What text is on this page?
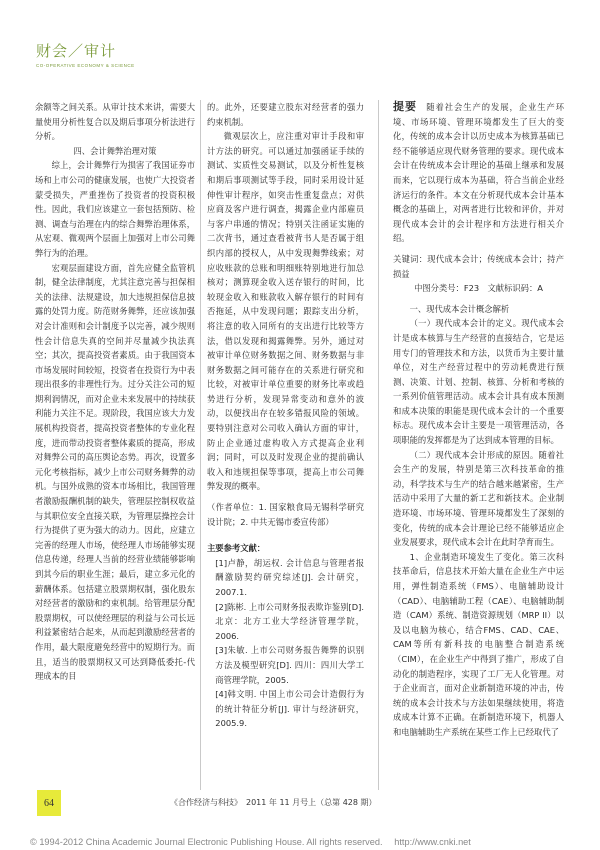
财会／审计
CO-OPERATIVE ECONOMY & SCIENCE

余额等之间关系。从审计技术来讲，需要大量使用分析性复合以及期后事项分析法进行分析。

四、会计舞弊治理对策

综上，会计舞弊行为损害了我国证券市场和上市公司的健康发展，也使广大投资者蒙受损失，严重挫伤了投资者的投资积极性。因此，我们应该建立一套包括预防、检测、调查与治理在内的综合舞弊治理体系，从宏观、微观两个层面上加强对上市公司舞弊行为的治理。

宏观层面建设方面，首先应健全监管机制，健全法律制度，尤其注意完善与担保相关的法律、法规建设，加大违规担保信息披露的处罚力度。防范财务舞弊，还应该加强对会计准则和会计制度予以完善，减少规则性会计信息失真的空间并尽量减少执法真空；其次，提高投资者素质。由于我国资本市场发展时间较短，投资者在投资行为中表现出很多的非理性行为。过分关注公司的短期利润情况，而对企业未来发展中的持续获利能力关注不足。现阶段，我国应该大力发展机构投资者，提高投资者整体的专业化程度，进而带动投资者整体素质的提高，形成对舞弊公司的高压舆论态势。再次，设置多元化考核指标，减少上市公司财务舞弊的动机。与国外成熟的资本市场相比，我国管理者激励报酬机制的缺失，管理层控制权收益与其职位安全直接关联，为管理层操控会计行为提供了更为强大的动力。因此，应建立完善的经理人市场，使经理人市场能够实现信息传递，经理人当前的经营业绩能够影响到其今后的职业生涯；最后，建立多元化的薪酬体系。包括建立股票期权制，强化股东对经营者的激励和约束机制。给管理层分配股票期权，可以使经理层的利益与公司长远利益紧密结合起来，从而起到激励经营者的作用，最大限度避免经营中的短期行为。而且，适当的股票期权又可达到降低委托-代理成本的目

的。此外，还要建立股东对经营者的强力约束机制。

微观层次上，应注重对审计手段和审计方法的研究。可以通过加强函证手续的测试、实质性交易测试，以及分析性复核和期后事项测试等手段，同时采用设计延伸性审计程序，如突击性重复盘点；对供应商及客户进行调查，揭露企业内部雇员与客户串通的情况；特别关注函证实施的二次背书，通过查看被背书人是否属于组织内部的授权人，从中发现舞弊线索；对应收账款的总账和明细账特别地进行加总核对；测算现金收入送存银行的时间，比较现金收入和账款收入解存银行的时间有否拖延，从中发现问题；跟踪支出分析，将注意的收入同所有的支出进行比较等方法，借以发现和揭露舞弊。另外，通过对被审计单位财务数据之间、财务数据与非财务数据之间可能存在的关系进行研究和比较，对被审计单位重要的财务比率或趋势进行分析，发现异常变动和意外的波动，以便找出存在较多错报风险的领域。要特别注意对公司收入确认方面的审计，防止企业通过虚构收入方式提高企业利润；同时，可以及时发现企业的提前确认收入和违规担保等事项，提高上市公司舞弊发现的概率。

（作者单位：1. 国家粮食局无锡科学研究设计院；2. 中共无锡市委宣传部）

主要参考文献：

[1]卢静，胡运权. 会计信息与管理者报酬激励契约研究综述[J]. 会计研究，2007.1.

[2]陈彬. 上市公司财务报表欺诈鉴别[D]. 北京：北方工业大学经济管理学院，2006.

[3]朱敏. 上市公司财务报告舞弊的识别方法及模型研究[D]. 四川：四川大学工商管理学院，2005.

[4]韩文明. 中国上市公司会计造假行为的统计特征分析[J]. 审计与经济研究，2005.9.

提要　 随着社会生产的发展，企业生产环境、市场环境、管理环境都发生了巨大的变化，传统的成本会计以历史成本为核算基础已经不能够适应现代财务管理的要求。现代成本会计在传统成本会计理论的基础上继承和发展而来，它以现行成本为基础，符合当前企业经济运行的条件。本文在分析现代成本会计基本概念的基础上，对两者进行比较和评价，并对现代成本会计的会计程序和方法进行相关介绍。

关键词：现代成本会计；传统成本会计；持产损益

中图分类号：F23　文献标识码：A

一、现代成本会计概念解析

（一）现代成本会计的定义。现代成本会计是成本核算与生产经营的直接结合，它是运用专门的管理技术和方法，以货币为主要计量单位，对生产经营过程中的劳动耗费进行预测、决策、计划、控制、核算、分析和考核的一系列价值管理活动。成本会计具有成本预测和成本决策的职能是现代成本会计的一个重要标志。现代成本会计主要是一项管理活动，各项职能的发挥都是为了达到成本管理的目标。

（二）现代成本会计形成的原因。随着社会生产的发展，特别是第三次科技革命的推动，科学技术与生产的结合越来越紧密，生产活动中采用了大量的新工艺和新技术。企业制造环境、市场环境、管理环境都发生了深刻的变化，传统的成本会计理论已经不能够适应企业发展要求，现代成本会计在此时孕育而生。

1、企业制造环境发生了变化。第三次科技革命后，信息技术开始大量在企业生产中运用，弹性制造系统（FMS）、电脑辅助设计（CAD）、电脑辅助工程（CAE）、电脑辅助制造（CAM）系统、制造资源规划（MRP II）以及以电脑为核心，结合FMS、CAD、CAE、CAM等所有新科技的电脑整合制造系统（CIM），在企业生产中得到了推广，形成了自动化的制造程序，实现了工厂无人化管理。对于企业而言，面对企业新制造环境的冲击，传统的成本会计技术与方法如果继续使用，将造成成本计算不正确。在新制造环境下，机器人和电脑辅助生产系统在某些工作上已经取代了

64	《合作经济与科技》　2011 年 11 月号上（总第 428 期）
© 1994-2012 China Academic Journal Electronic Publishing House. All rights reserved.　 http://www.cnki.net
